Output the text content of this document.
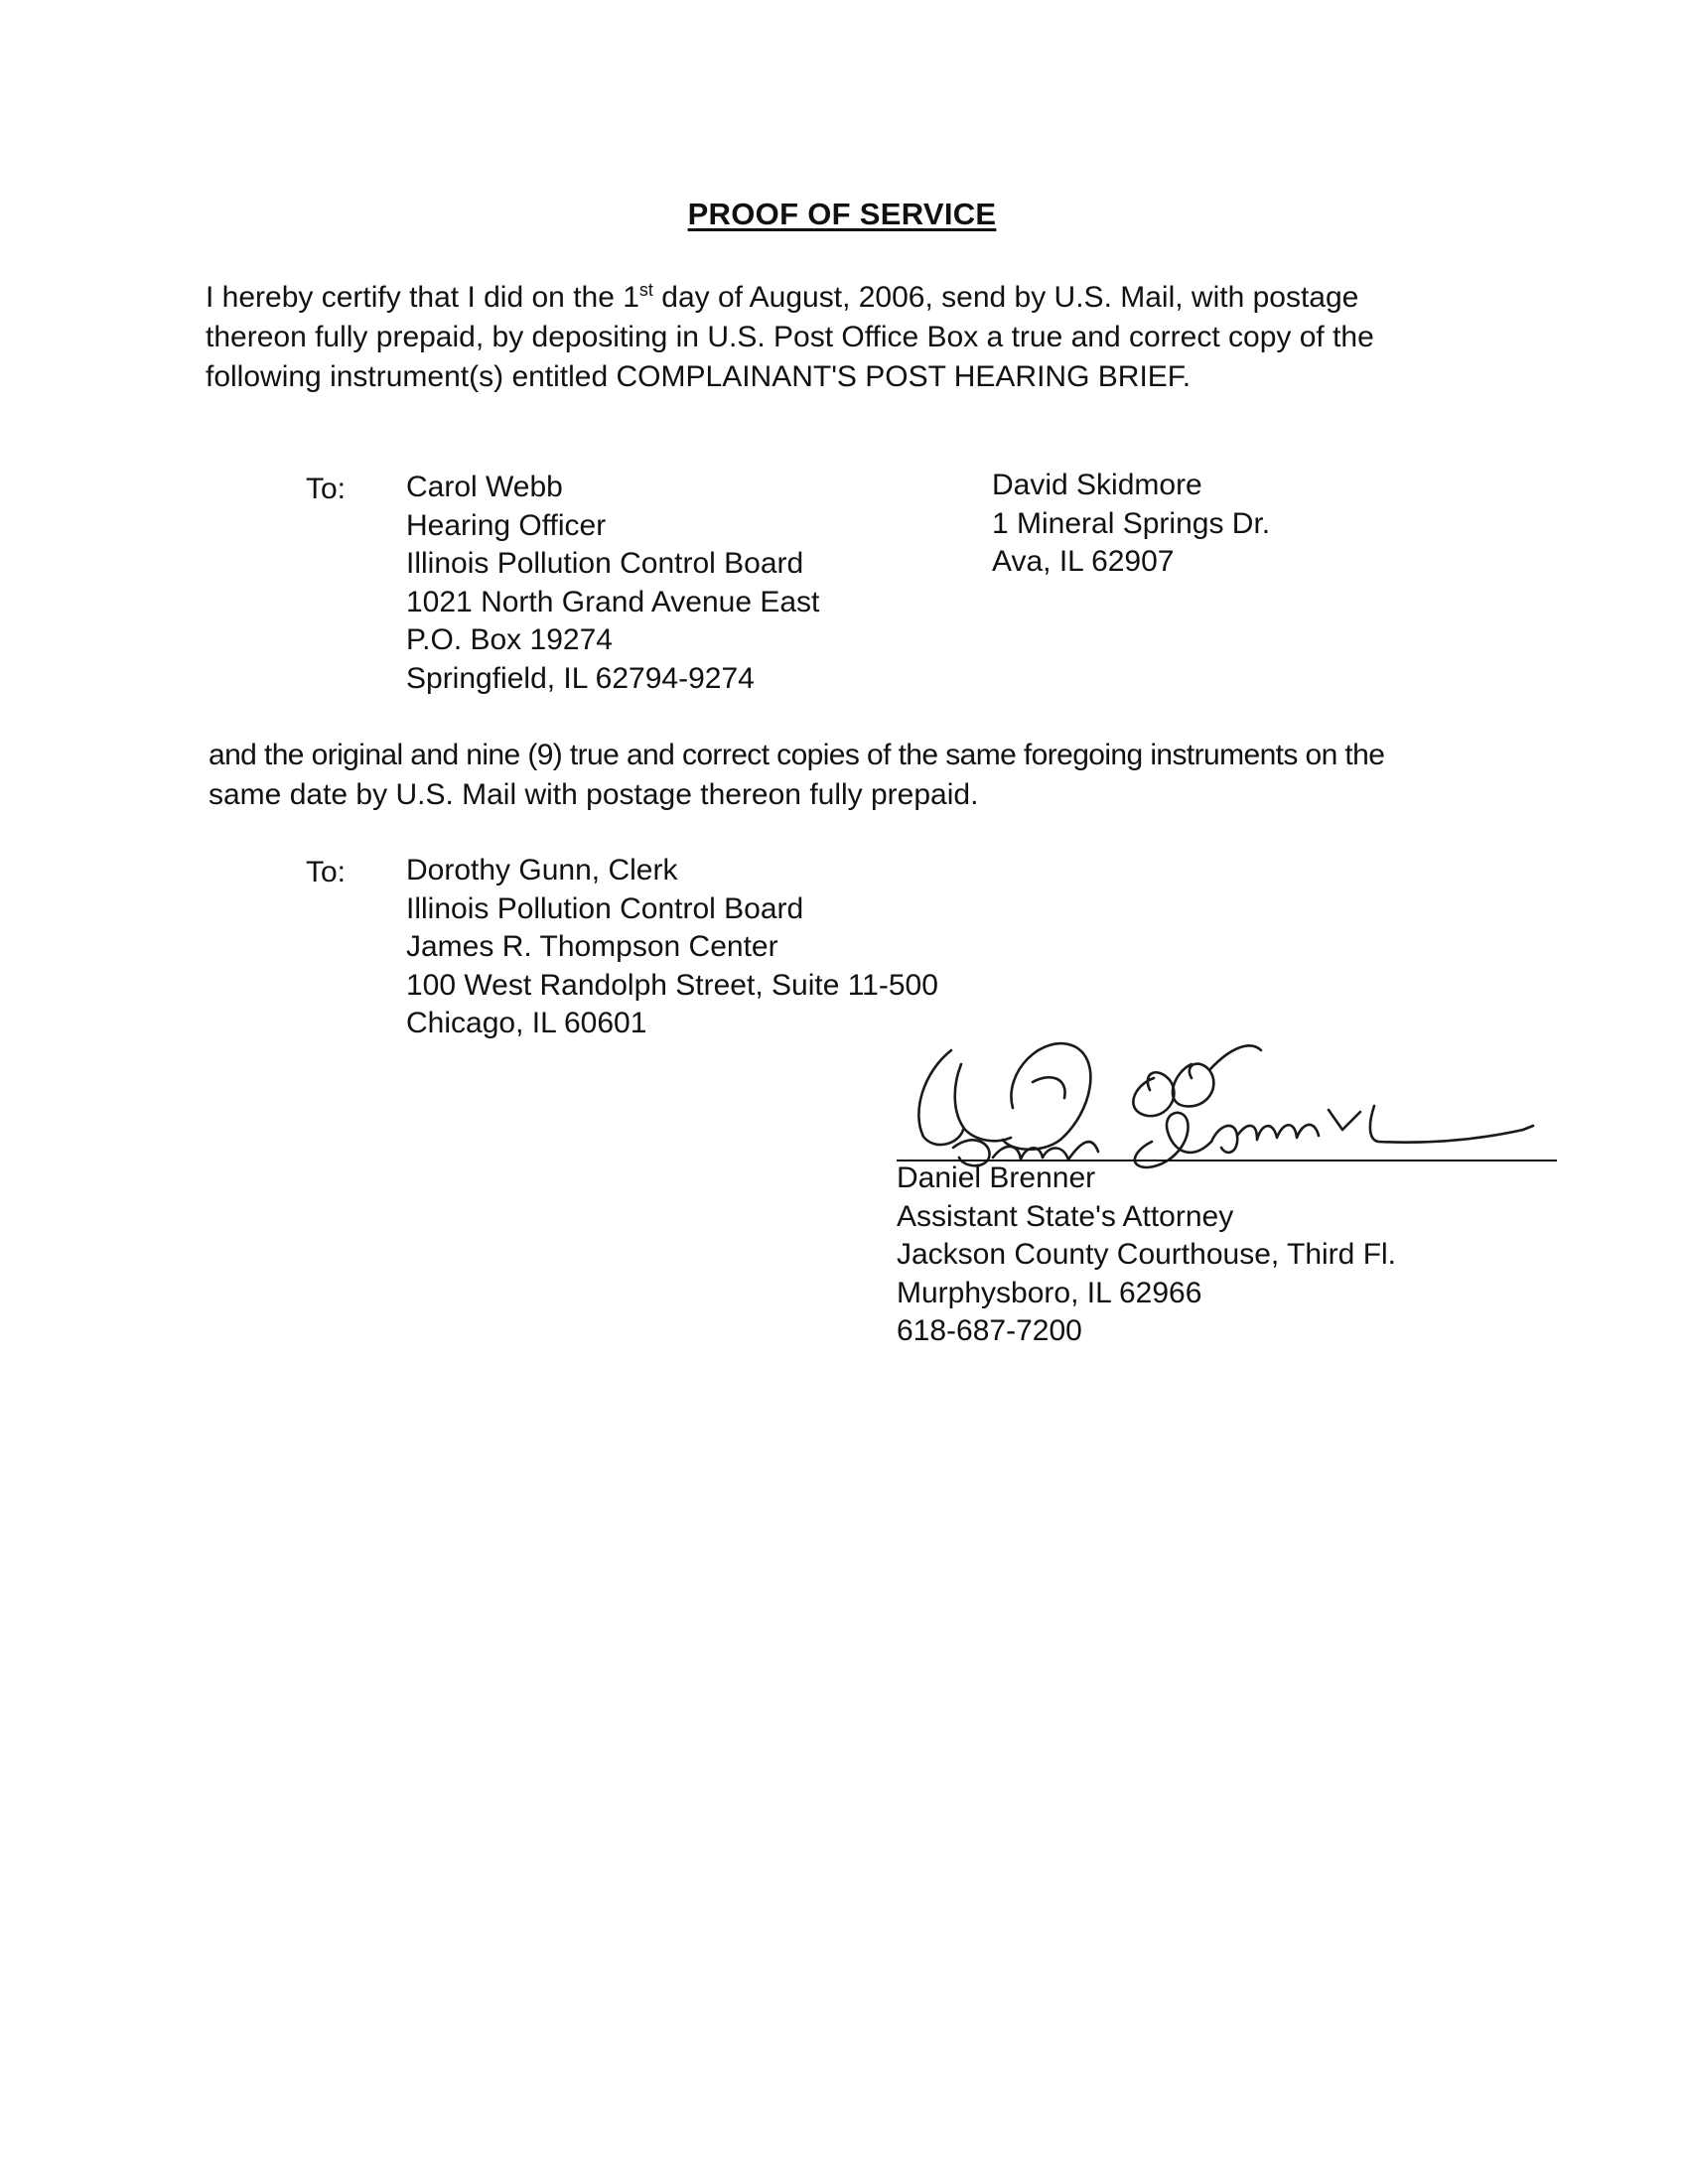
PROOF OF SERVICE
I hereby certify that I did on the 1st day of August, 2006, send by U.S. Mail, with postage
thereon fully prepaid, by depositing in U.S. Post Office Box a true and correct copy of the
following instrument(s) entitled COMPLAINANT'S POST HEARING BRIEF.
To: Carol Webb
Hearing Officer
Illinois Pollution Control Board
1021 North Grand Avenue East
P.O. Box 19274
Springfield, IL 62794-9274
David Skidmore
1 Mineral Springs Dr.
Ava, IL 62907
and the original and nine (9) true and correct copies of the same foregoing instruments on the
same date by U.S. Mail with postage thereon fully prepaid.
To: Dorothy Gunn, Clerk
Illinois Pollution Control Board
James R. Thompson Center
100 West Randolph Street, Suite 11-500
Chicago, IL 60601
Daniel Brenner
Assistant State's Attorney
Jackson County Courthouse, Third Fl.
Murphysboro, IL 62966
618-687-7200
